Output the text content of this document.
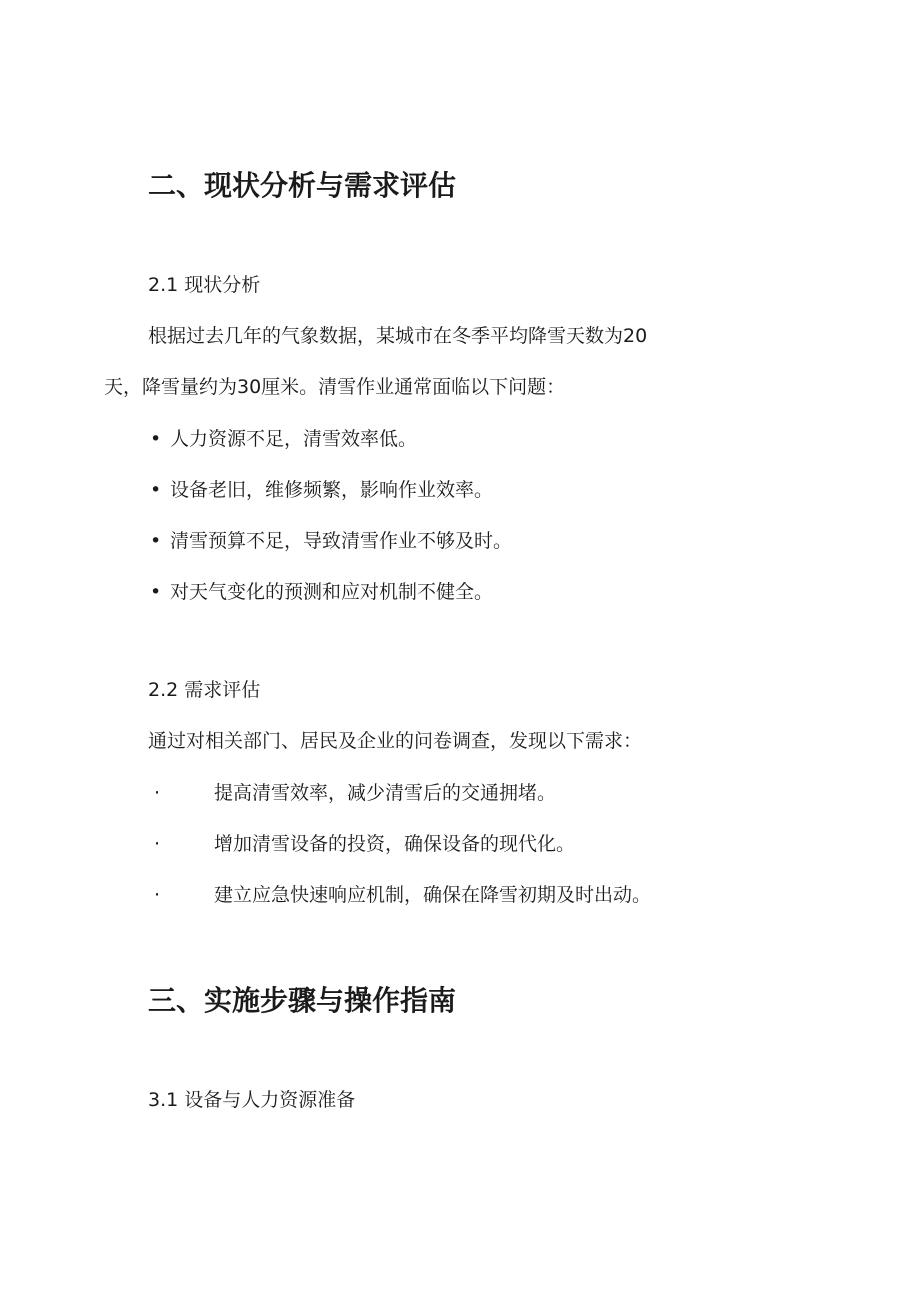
二、现状分析与需求评估
2.1 现状分析
根据过去几年的气象数据，某城市在冬季平均降雪天数为20
天，降雪量约为30厘米。清雪作业通常面临以下问题：
• 人力资源不足，清雪效率低。
• 设备老旧，维修频繁，影响作业效率。
• 清雪预算不足，导致清雪作业不够及时。
• 对天气变化的预测和应对机制不健全。
2.2 需求评估
通过对相关部门、居民及企业的问卷调查，发现以下需求：
·	提高清雪效率，减少清雪后的交通拥堵。
·	增加清雪设备的投资，确保设备的现代化。
·	建立应急快速响应机制，确保在降雪初期及时出动。
三、实施步骤与操作指南
3.1 设备与人力资源准备
